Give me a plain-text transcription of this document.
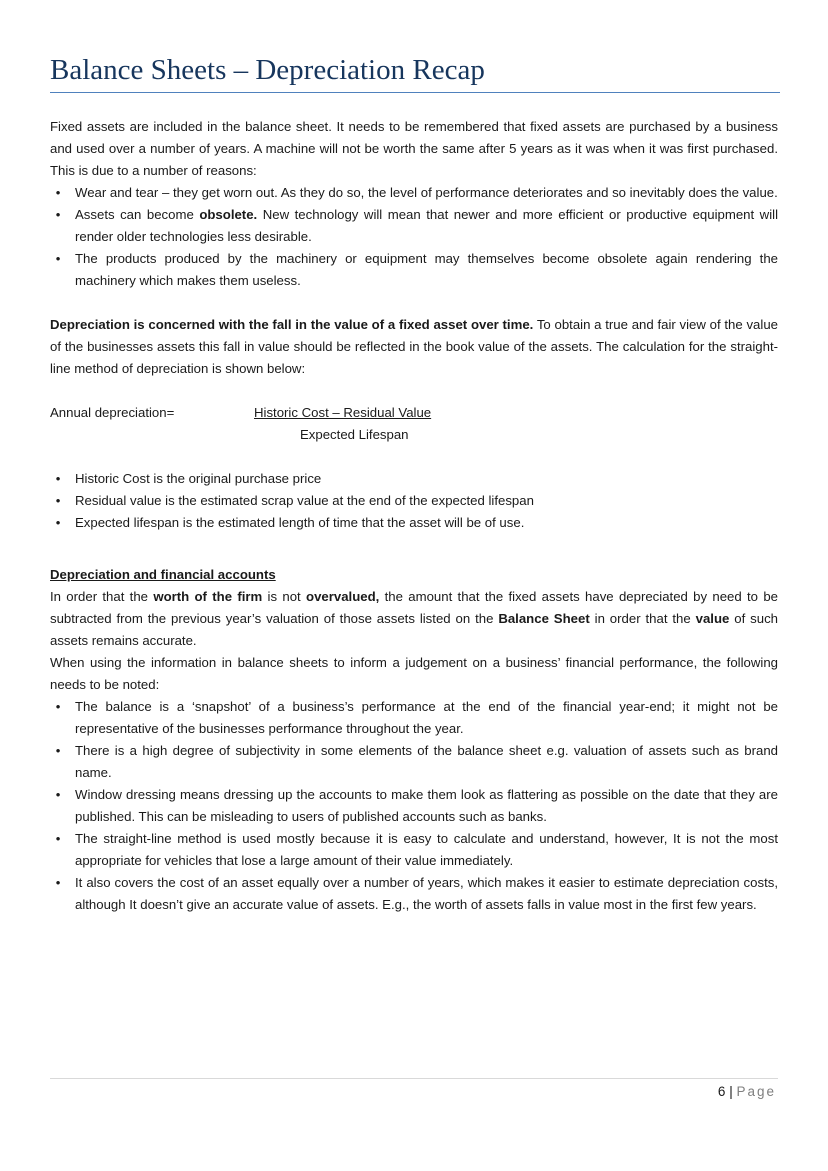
Balance Sheets – Depreciation Recap

Fixed assets are included in the balance sheet. It needs to be remembered that fixed assets are purchased by a business and used over a number of years. A machine will not be worth the same after 5 years as it was when it was first purchased. This is due to a number of reasons:

• Wear and tear – they get worn out. As they do so, the level of performance deteriorates and so inevitably does the value.
• Assets can become obsolete. New technology will mean that newer and more efficient or productive equipment will render older technologies less desirable.
• The products produced by the machinery or equipment may themselves become obsolete again rendering the machinery which makes them useless.

Depreciation is concerned with the fall in the value of a fixed asset over time. To obtain a true and fair view of the value of the businesses assets this fall in value should be reflected in the book value of the assets. The calculation for the straight-line method of depreciation is shown below:

Annual depreciation=	Historic Cost – Residual Value
Expected Lifespan
• Historic Cost is the original purchase price
• Residual value is the estimated scrap value at the end of the expected lifespan
• Expected lifespan is the estimated length of time that the asset will be of use.

Depreciation and financial accounts

In order that the worth of the firm is not overvalued, the amount that the fixed assets have depreciated by need to be subtracted from the previous year’s valuation of those assets listed on the Balance Sheet in order that the value of such assets remains accurate.

When using the information in balance sheets to inform a judgement on a business’ financial performance, the following needs to be noted:

• The balance is a ‘snapshot’ of a business’s performance at the end of the financial year-end; it might not be representative of the businesses performance throughout the year.
• There is a high degree of subjectivity in some elements of the balance sheet e.g. valuation of assets such as brand name.
• Window dressing means dressing up the accounts to make them look as flattering as possible on the date that they are published. This can be misleading to users of published accounts such as banks.
• The straight-line method is used mostly because it is easy to calculate and understand, however, It is not the most appropriate for vehicles that lose a large amount of their value immediately.
• It also covers the cost of an asset equally over a number of years, which makes it easier to estimate depreciation costs, although It doesn’t give an accurate value of assets. E.g., the worth of assets falls in value most in the first few years.
6 | Page
